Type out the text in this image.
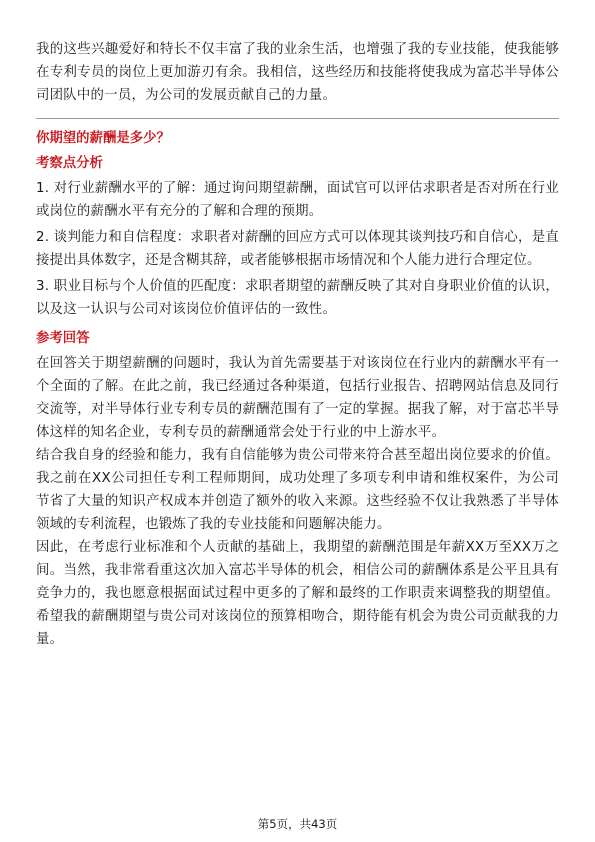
我的这些兴趣爱好和特长不仅丰富了我的业余生活，也增强了我的专业技能，使我能够在专利专员的岗位上更加游刃有余。我相信，这些经历和技能将使我成为富芯半导体公司团队中的一员，为公司的发展贡献自己的力量。

你期望的薪酬是多少？

考察点分析

1. 对行业薪酬水平的了解：通过询问期望薪酬，面试官可以评估求职者是否对所在行业或岗位的薪酬水平有充分的了解和合理的预期。

2. 谈判能力和自信程度：求职者对薪酬的回应方式可以体现其谈判技巧和自信心，是直接提出具体数字，还是含糊其辞，或者能够根据市场情况和个人能力进行合理定位。

3. 职业目标与个人价值的匹配度：求职者期望的薪酬反映了其对自身职业价值的认识，以及这一认识与公司对该岗位价值评估的一致性。

参考回答

在回答关于期望薪酬的问题时，我认为首先需要基于对该岗位在行业内的薪酬水平有一个全面的了解。在此之前，我已经通过各种渠道，包括行业报告、招聘网站信息及同行交流等，对半导体行业专利专员的薪酬范围有了一定的掌握。据我了解，对于富芯半导体这样的知名企业，专利专员的薪酬通常会处于行业的中上游水平。

结合我自身的经验和能力，我有自信能够为贵公司带来符合甚至超出岗位要求的价值。我之前在XX公司担任专利工程师期间，成功处理了多项专利申请和维权案件，为公司节省了大量的知识产权成本并创造了额外的收入来源。这些经验不仅让我熟悉了半导体领域的专利流程，也锻炼了我的专业技能和问题解决能力。

因此，在考虑行业标准和个人贡献的基础上，我期望的薪酬范围是年薪XX万至XX万之间。当然，我非常看重这次加入富芯半导体的机会，相信公司的薪酬体系是公平且具有竞争力的，我也愿意根据面试过程中更多的了解和最终的工作职责来调整我的期望值。希望我的薪酬期望与贵公司对该岗位的预算相吻合，期待能有机会为贵公司贡献我的力量。

第5页，共43页
